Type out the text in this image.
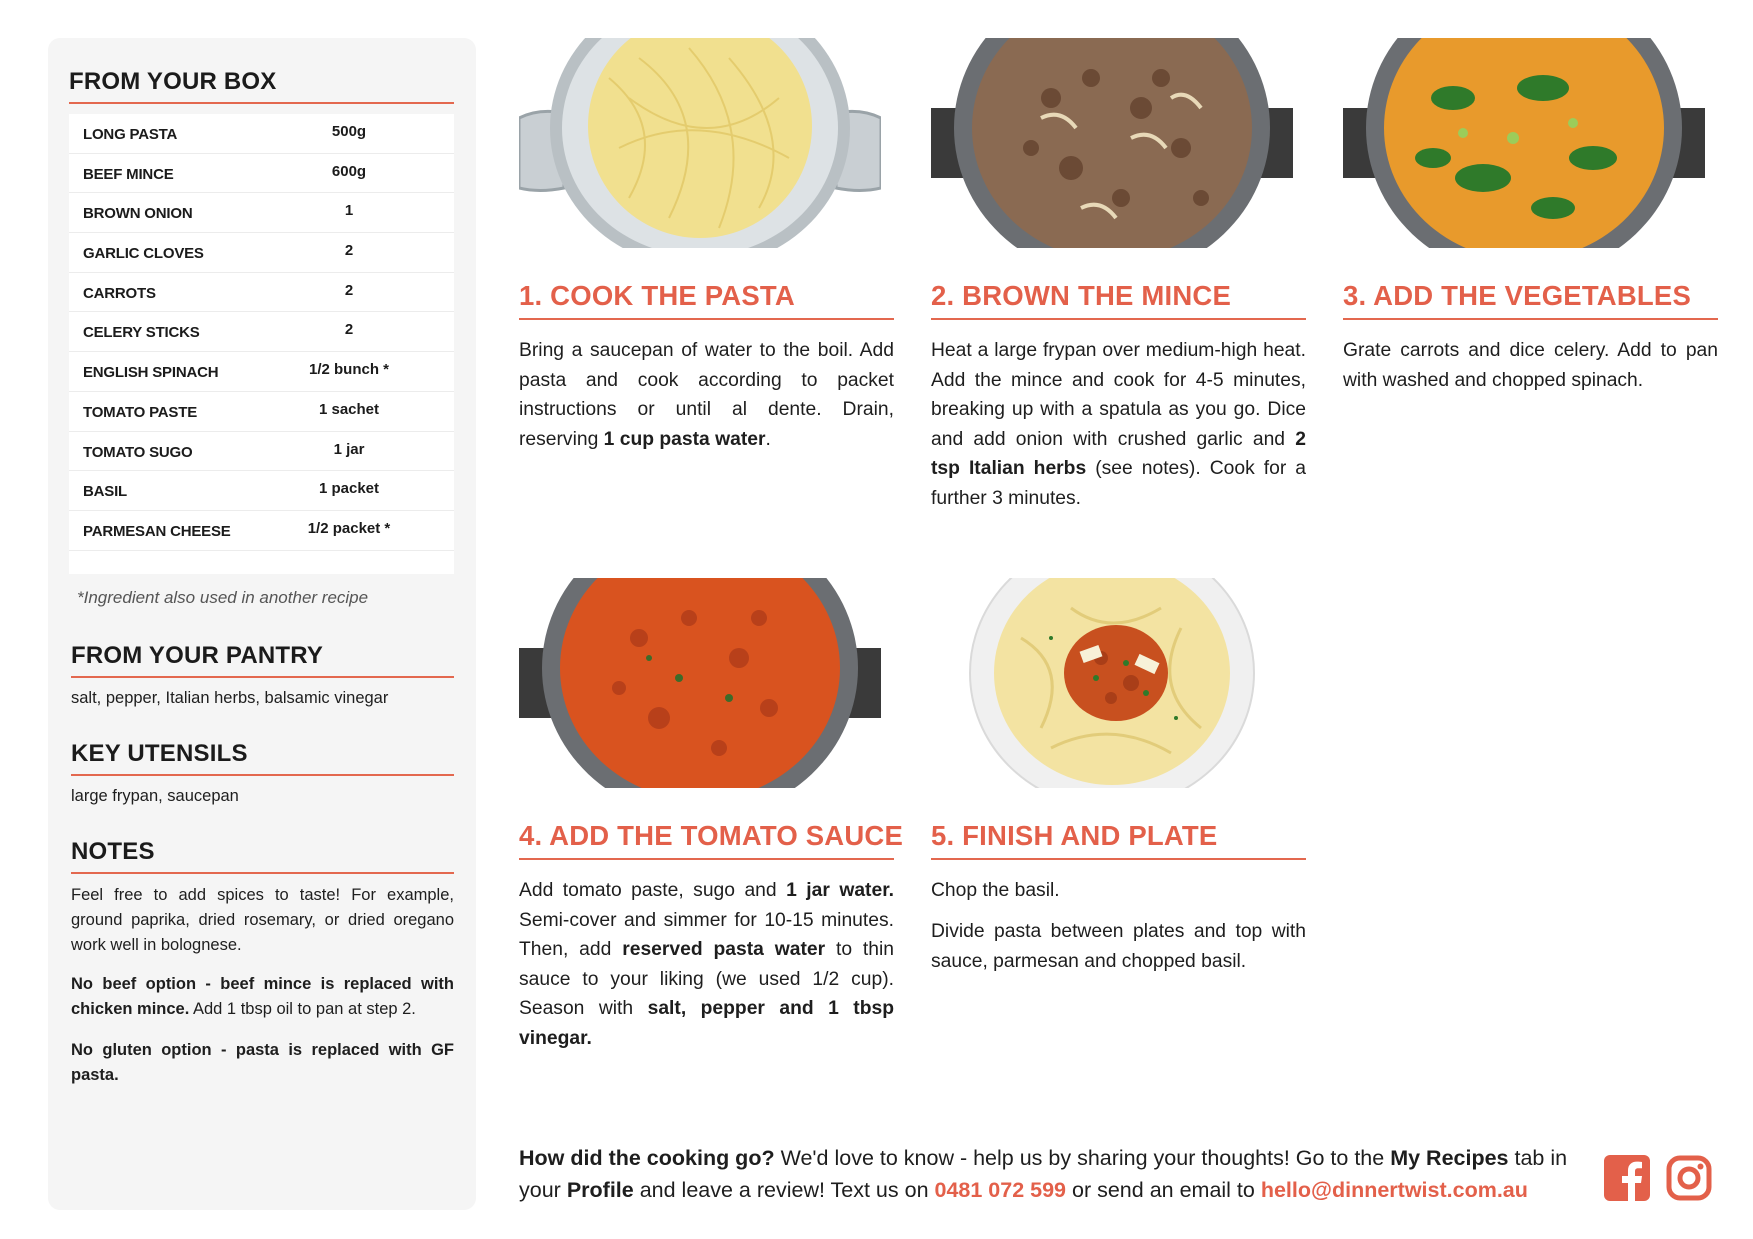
FROM YOUR BOX
LONG PASTA	500g
BEEF MINCE	600g
BROWN ONION	1
GARLIC CLOVES	2
CARROTS	2
CELERY STICKS	2
ENGLISH SPINACH	1/2 bunch *
TOMATO PASTE	1 sachet
TOMATO SUGO	1 jar
BASIL	1 packet
PARMESAN CHEESE	1/2 packet *
*Ingredient also used in another recipe
FROM YOUR PANTRY
salt, pepper, Italian herbs, balsamic vinegar
KEY UTENSILS
large frypan, saucepan
NOTES
Feel free to add spices to taste! For example, ground paprika, dried rosemary, or dried oregano work well in bolognese.
No beef option - beef mince is replaced with chicken mince. Add 1 tbsp oil to pan at step 2.
No gluten option - pasta is replaced with GF pasta.
1. COOK THE PASTA
Bring a saucepan of water to the boil. Add pasta and cook according to packet instructions or until al dente. Drain, reserving 1 cup pasta water.
2. BROWN THE MINCE
Heat a large frypan over medium-high heat. Add the mince and cook for 4-5 minutes, breaking up with a spatula as you go. Dice and add onion with crushed garlic and 2 tsp Italian herbs (see notes). Cook for a further 3 minutes.
3. ADD THE VEGETABLES
Grate carrots and dice celery. Add to pan with washed and chopped spinach.
4. ADD THE TOMATO SAUCE
Add tomato paste, sugo and 1 jar water. Semi-cover and simmer for 10-15 minutes. Then, add reserved pasta water to thin sauce to your liking (we used 1/2 cup). Season with salt, pepper and 1 tbsp vinegar.
5. FINISH AND PLATE
Chop the basil.
Divide pasta between plates and top with sauce, parmesan and chopped basil.
How did the cooking go? We'd love to know - help us by sharing your thoughts! Go to the My Recipes tab in your Profile and leave a review! Text us on 0481 072 599 or send an email to hello@dinnertwist.com.au
